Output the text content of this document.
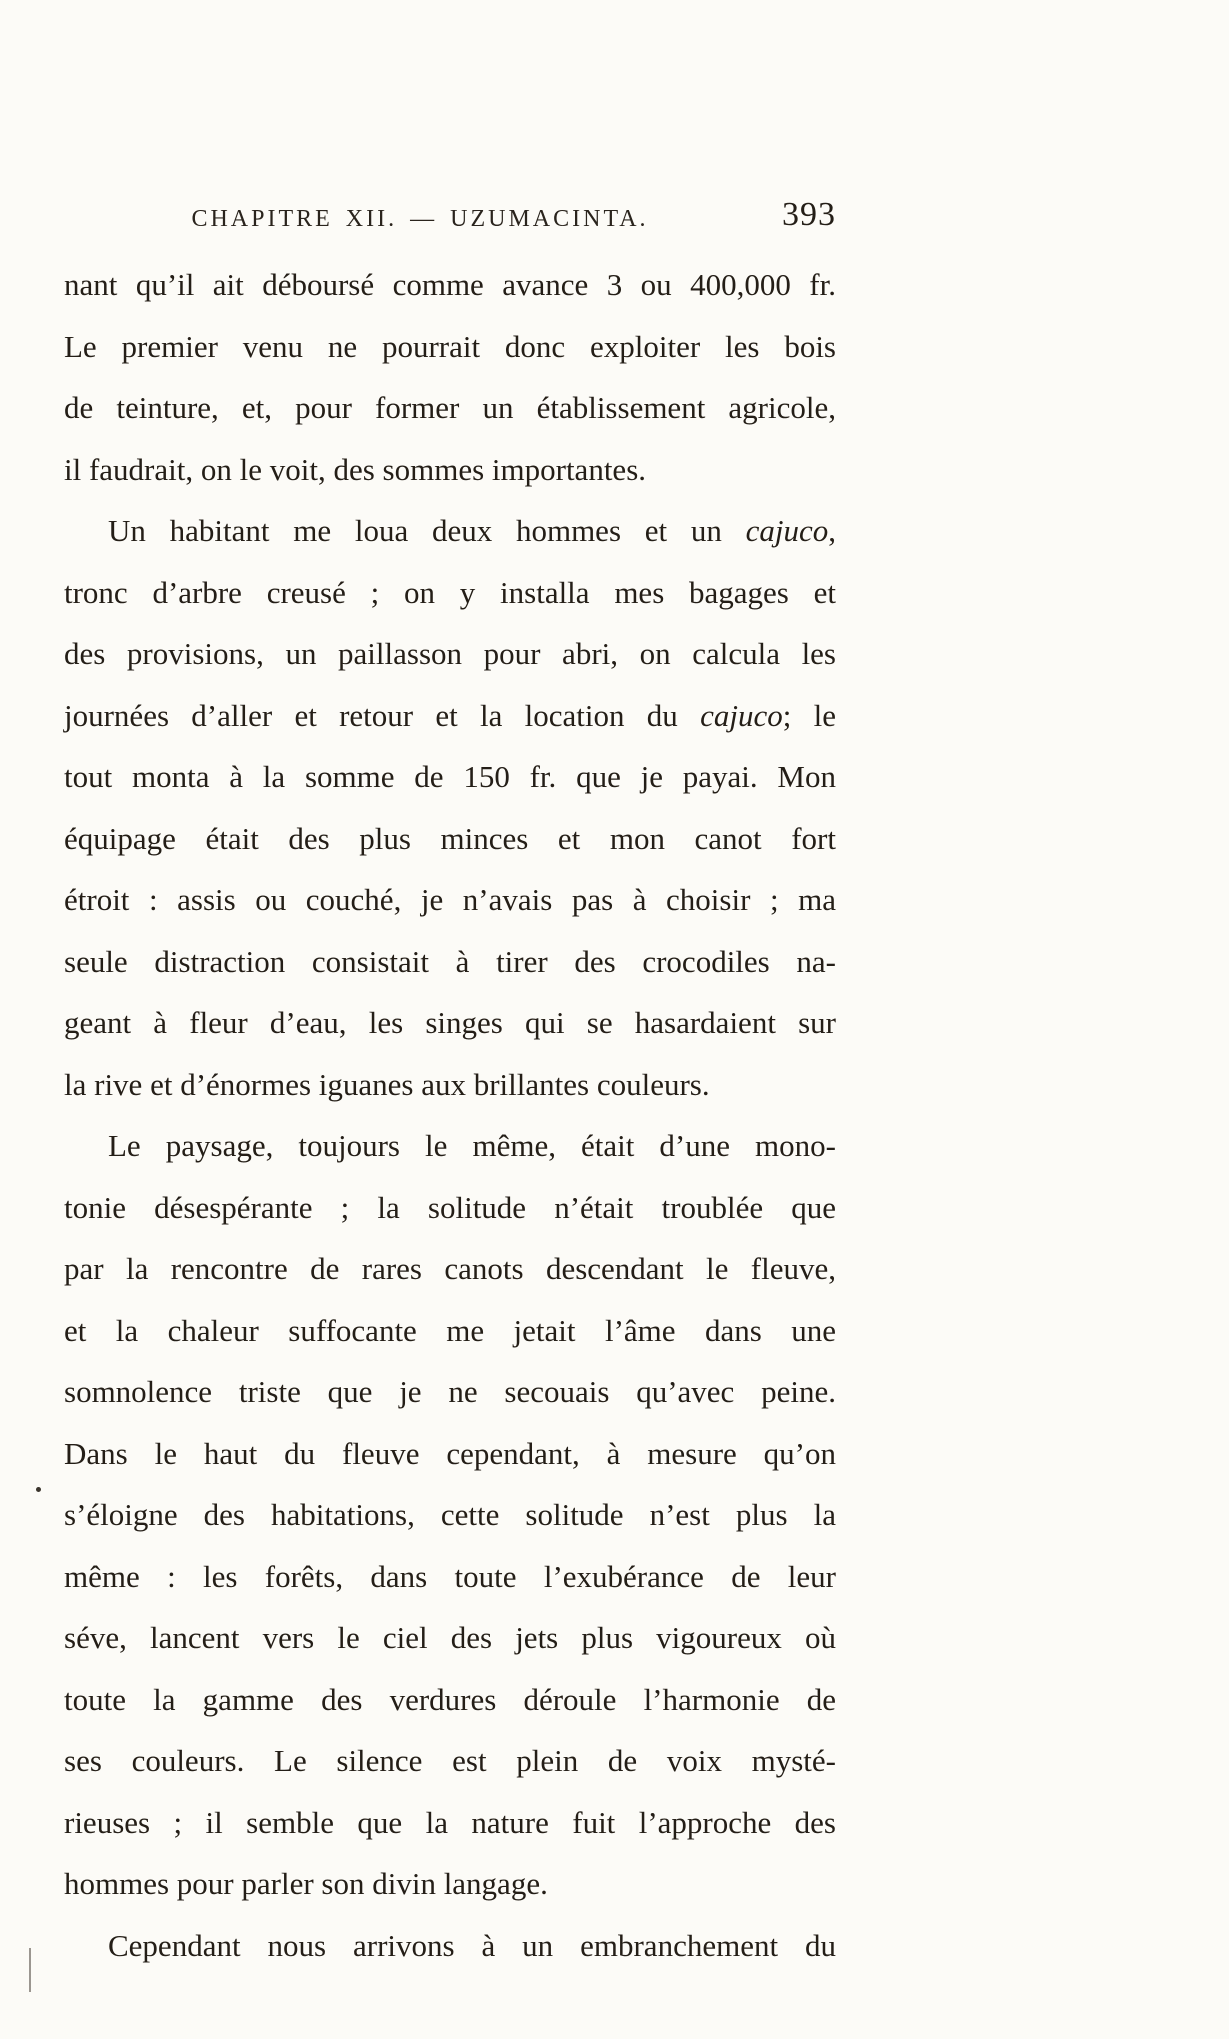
CHAPITRE XII. — UZUMACINTA.	393
nant qu’il ait déboursé comme avance 3 ou 400,000 fr.
Le premier venu ne pourrait donc exploiter les bois
de teinture, et, pour former un établissement agricole,
il faudrait, on le voit, des sommes importantes.
Un habitant me loua deux hommes et un cajuco,
tronc d’arbre creusé ; on y installa mes bagages et
des provisions, un paillasson pour abri, on calcula les
journées d’aller et retour et la location du cajuco; le
tout monta à la somme de 150 fr. que je payai. Mon
équipage était des plus minces et mon canot fort
étroit : assis ou couché, je n’avais pas à choisir ; ma
seule distraction consistait à tirer des crocodiles na-
geant à fleur d’eau, les singes qui se hasardaient sur
la rive et d’énormes iguanes aux brillantes couleurs.
Le paysage, toujours le même, était d’une mono-
tonie désespérante ; la solitude n’était troublée que
par la rencontre de rares canots descendant le fleuve,
et la chaleur suffocante me jetait l’âme dans une
somnolence triste que je ne secouais qu’avec peine.
Dans le haut du fleuve cependant, à mesure qu’on
s’éloigne des habitations, cette solitude n’est plus la
même : les forêts, dans toute l’exubérance de leur
séve, lancent vers le ciel des jets plus vigoureux où
toute la gamme des verdures déroule l’harmonie de
ses couleurs. Le silence est plein de voix mysté-
rieuses ; il semble que la nature fuit l’approche des
hommes pour parler son divin langage.
Cependant nous arrivons à un embranchement du
